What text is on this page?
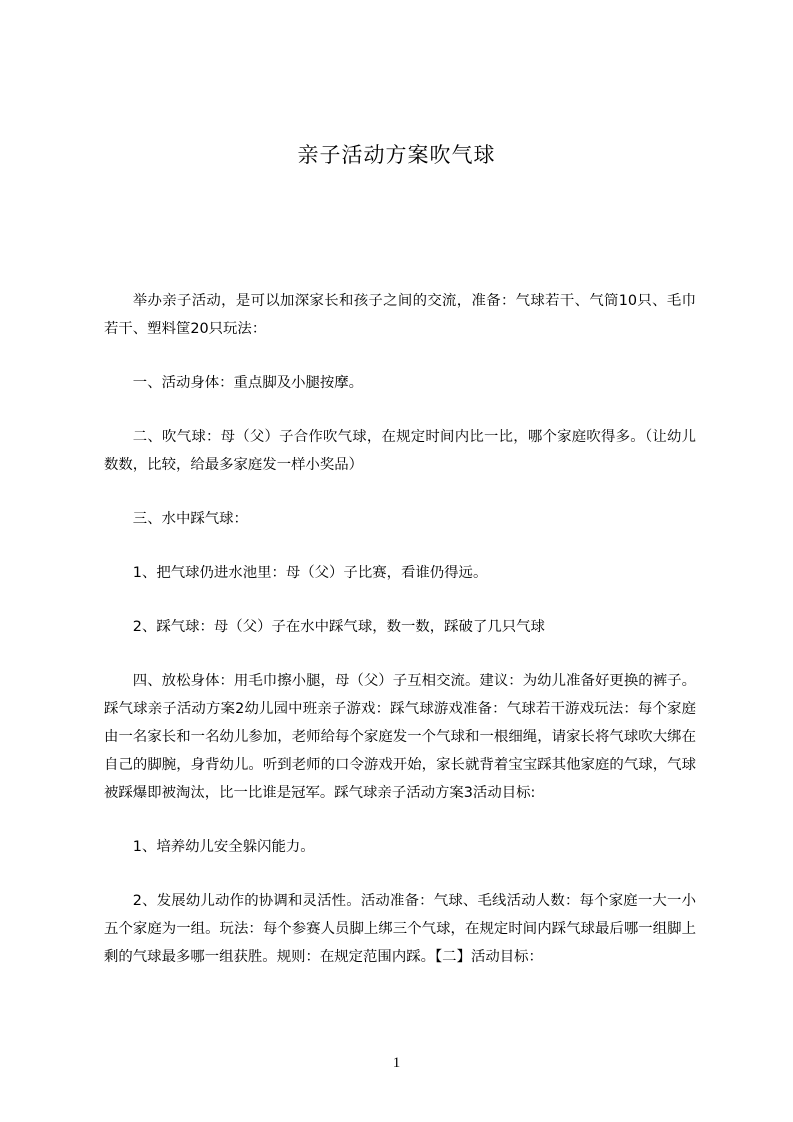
亲子活动方案吹气球

举办亲子活动，是可以加深家长和孩子之间的交流，准备：气球若干、气筒10只、毛巾若干、塑料筐20只玩法：

一、活动身体：重点脚及小腿按摩。

二、吹气球：母（父）子合作吹气球，在规定时间内比一比，哪个家庭吹得多。（让幼儿数数，比较，给最多家庭发一样小奖品）

三、水中踩气球：

1、把气球仍进水池里：母（父）子比赛，看谁仍得远。

2、踩气球：母（父）子在水中踩气球，数一数，踩破了几只气球

四、放松身体：用毛巾擦小腿，母（父）子互相交流。建议：为幼儿准备好更换的裤子。踩气球亲子活动方案2幼儿园中班亲子游戏：踩气球游戏准备：气球若干游戏玩法：每个家庭由一名家长和一名幼儿参加，老师给每个家庭发一个气球和一根细绳，请家长将气球吹大绑在自己的脚腕，身背幼儿。听到老师的口令游戏开始，家长就背着宝宝踩其他家庭的气球，气球被踩爆即被淘汰，比一比谁是冠军。踩气球亲子活动方案3活动目标:

1、培养幼儿安全躲闪能力。

2、发展幼儿动作的协调和灵活性。活动准备：气球、毛线活动人数：每个家庭一大一小五个家庭为一组。玩法：每个参赛人员脚上绑三个气球，在规定时间内踩气球最后哪一组脚上剩的气球最多哪一组获胜。规则：在规定范围内踩。【二】活动目标：

1
